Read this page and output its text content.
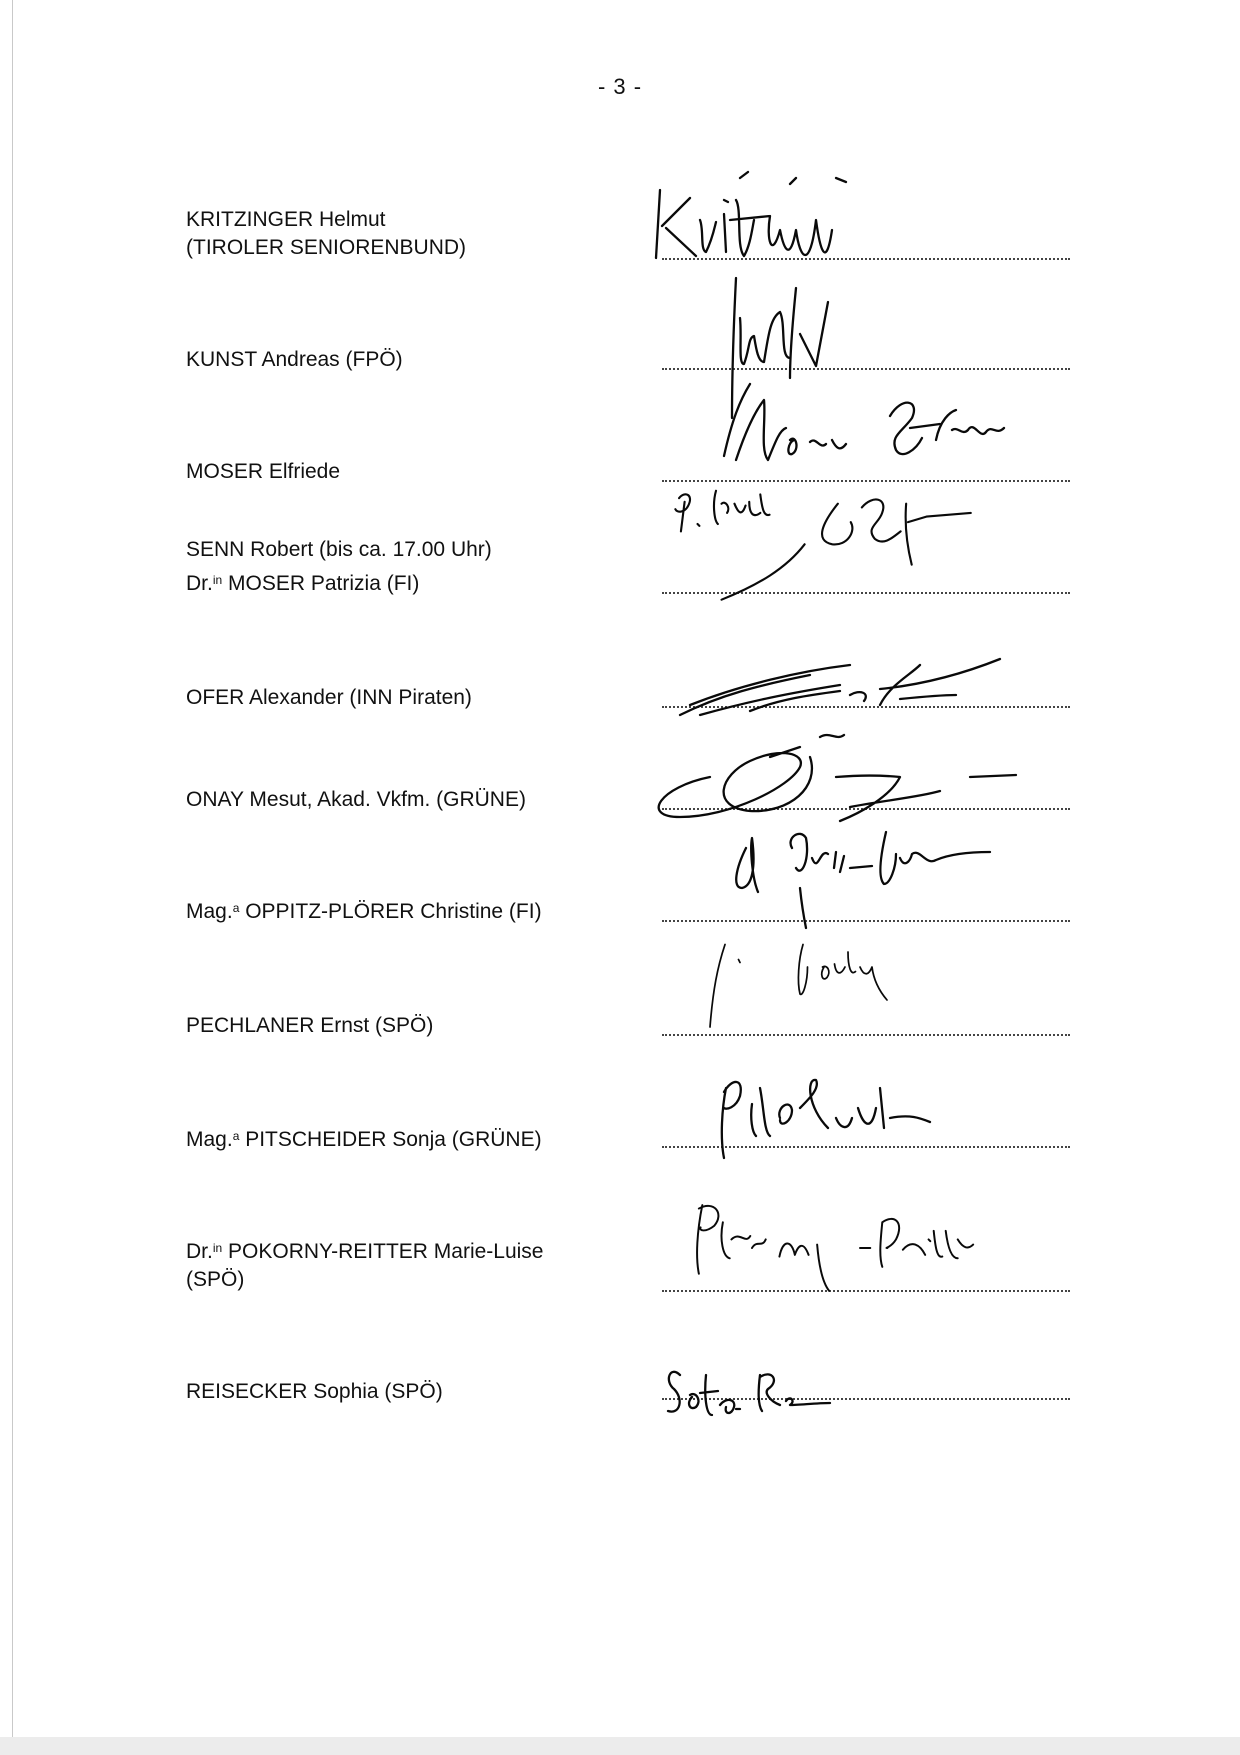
- 3 -
KRITZINGER Helmut
(TIROLER SENIORENBUND)
KUNST Andreas (FPÖ)
MOSER Elfriede
SENN Robert (bis ca. 17.00 Uhr)
Dr.$^{in}$ MOSER Patrizia (FI)
OFER Alexander (INN Piraten)
ONAY Mesut, Akad. Vkfm. (GRÜNE)
Mag.$^a$ OPPITZ-PLÖRER Christine (FI)
PECHLANER Ernst (SPÖ)
Mag.$^a$ PITSCHEIDER Sonja (GRÜNE)
Dr.$^{in}$ POKORNY-REITTER Marie-Luise
(SPÖ)
REISECKER Sophia (SPÖ)
